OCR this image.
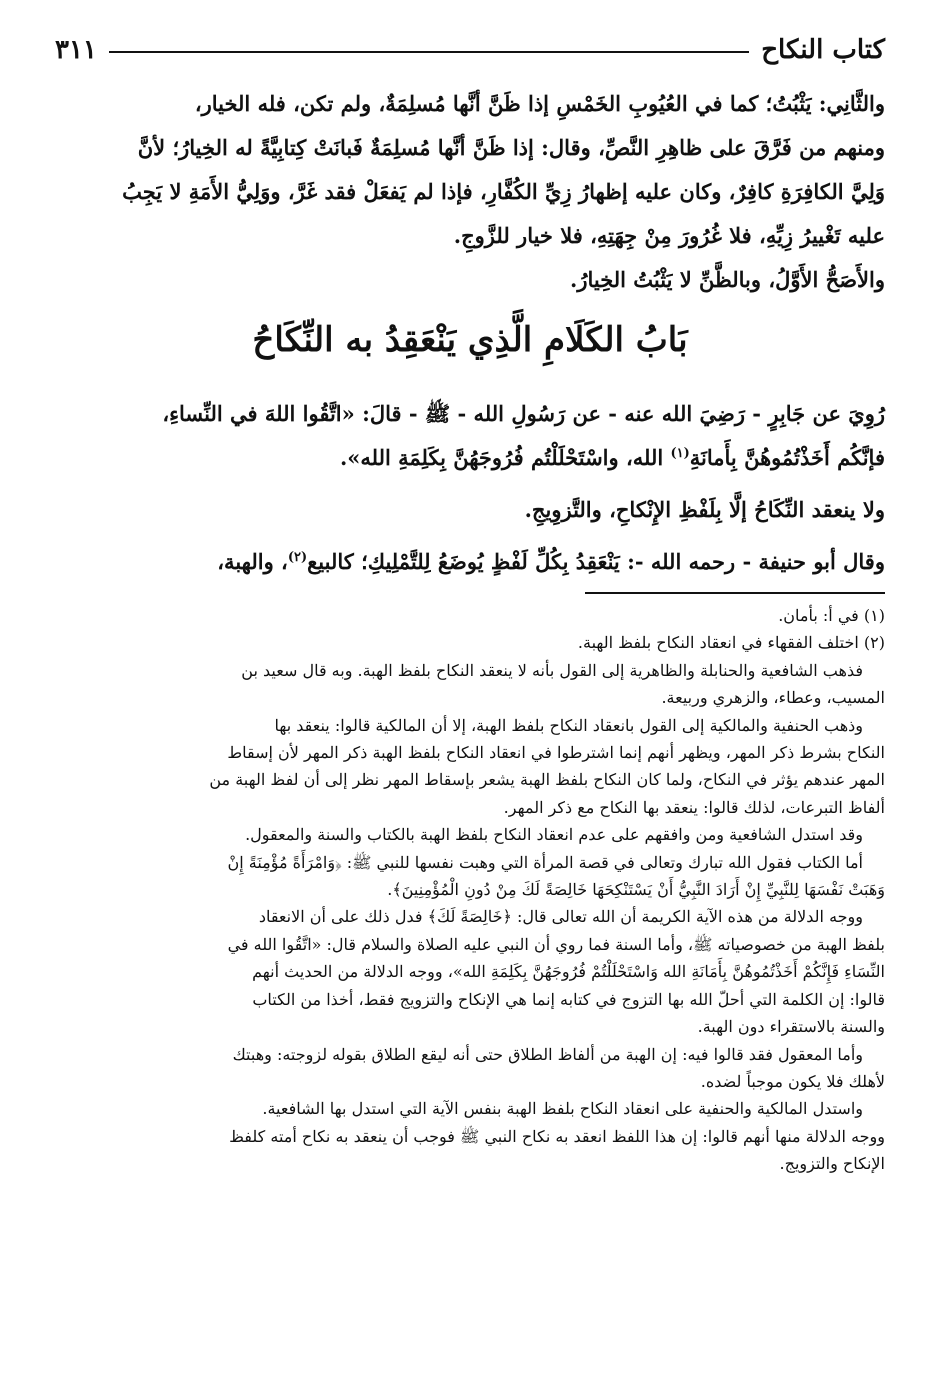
كتاب النكاح
٣١١

والثَّانِي: يَثْبُتُ؛ كما في العُيُوبِ الخَمْسِ إذا ظَنَّ أنَّها مُسلِمَةٌ، ولم تكن، فله الخيار،

ومنهم من فَرَّقَ على ظاهِرِ النَّصِّ، وقال: إذا ظَنَّ أنَّها مُسلِمَةٌ فَبانَتْ كِتابِيَّةً له الخِيارُ؛ لأنَّ

وَلِيَّ الكافِرَةِ كافِرٌ، وكان عليه إظهارُ زِيِّ الكُفَّارِ، فإذا لم يَفعَلْ فقد غَرَّ، ووَلِيُّ الأَمَةِ لا يَجِبُ

عليه تَغْييرُ زِيِّهِ، فلا غُرُورَ مِنْ جِهَتِهِ، فلا خيار للزَّوجِ.

والأَصَحُّ الأَوَّلُ، وبالظَّنِّ لا يَثْبُتُ الخِيارُ.

بَابُ الكَلَامِ الَّذِي يَنْعَقِدُ به النِّكَاحُ

رُوِيَ عن جَابِرٍ - رَضِيَ الله عنه - عن رَسُولِ الله - ﷺ - قالَ: «اتَّقُوا اللهَ في النِّساءِ،

فإنَّكُم أَخَذْتُمُوهُنَّ بِأَمانَةِ$^{(١)}$ الله، واسْتَحْلَلْتُم فُرُوجَهُنَّ بِكَلِمَةِ الله».

ولا ينعقد النِّكَاحُ إلَّا بِلَفْظِ الإِنْكاحِ، والتَّزوِيجِ.

وقال أبو حنيفة - رحمه الله -: يَنْعَقِدُ بِكُلِّ لَفْظٍ يُوضَعُ لِلتَّمْلِيكِ؛ كالبيع$^{(٢)}$، والهبة،

(١) في أ: بأمان.

(٢) اختلف الفقهاء في انعقاد النكاح بلفظ الهبة.

فذهب الشافعية والحنابلة والظاهرية إلى القول بأنه لا ينعقد النكاح بلفظ الهبة. وبه قال سعيد بن

المسيب، وعطاء، والزهري وربيعة.

وذهب الحنفية والمالكية إلى القول بانعقاد النكاح بلفظ الهبة، إلا أن المالكية قالوا: ينعقد بها

النكاح بشرط ذكر المهر، ويظهر أنهم إنما اشترطوا في انعقاد النكاح بلفظ الهبة ذكر المهر لأن إسقاط

المهر عندهم يؤثر في النكاح، ولما كان النكاح بلفظ الهبة يشعر بإسقاط المهر نظر إلى أن لفظ الهبة من

ألفاظ التبرعات، لذلك قالوا: ينعقد بها النكاح مع ذكر المهر.

وقد استدل الشافعية ومن وافقهم على عدم انعقاد النكاح بلفظ الهبة بالكتاب والسنة والمعقول.

أما الكتاب فقول الله تبارك وتعالى في قصة المرأة التي وهبت نفسها للنبي ﷺ: ﴿وَامْرَأَةً مُؤْمِنَةً إِنْ

وَهَبَتْ نَفْسَهَا لِلنَّبِيِّ إِنْ أَرَادَ النَّبِيُّ أَنْ يَسْتَنْكِحَهَا خَالِصَةً لَكَ مِنْ دُونِ الْمُؤْمِنِينَ﴾.

ووجه الدلالة من هذه الآية الكريمة أن الله تعالى قال: ﴿خَالِصَةً لَكَ﴾ فدل ذلك على أن الانعقاد

بلفظ الهبة من خصوصياته ﷺ، وأما السنة فما روي أن النبي عليه الصلاة والسلام قال: «اتَّقُوا الله في

النِّسَاءِ فَإِنَّكُمْ أَخَذْتُمُوهُنَّ بِأَمَانَةِ الله وَاسْتَحْلَلْتُمْ فُرُوجَهُنَّ بِكَلِمَةِ الله»، ووجه الدلالة من الحديث أنهم

قالوا: إن الكلمة التي أحلّ الله بها التزوج في كتابه إنما هي الإنكاح والتزويج فقط، أخذا من الكتاب

والسنة بالاستقراء دون الهبة.

وأما المعقول فقد قالوا فيه: إن الهبة من ألفاظ الطلاق حتى أنه ليقع الطلاق بقوله لزوجته: وهبتك

لأهلك فلا يكون موجباً لضده.

واستدل المالكية والحنفية على انعقاد النكاح بلفظ الهبة بنفس الآية التي استدل بها الشافعية.

ووجه الدلالة منها أنهم قالوا: إن هذا اللفظ انعقد به نكاح النبي ﷺ فوجب أن ينعقد به نكاح أمته كلفظ

الإنكاح والتزويج.
